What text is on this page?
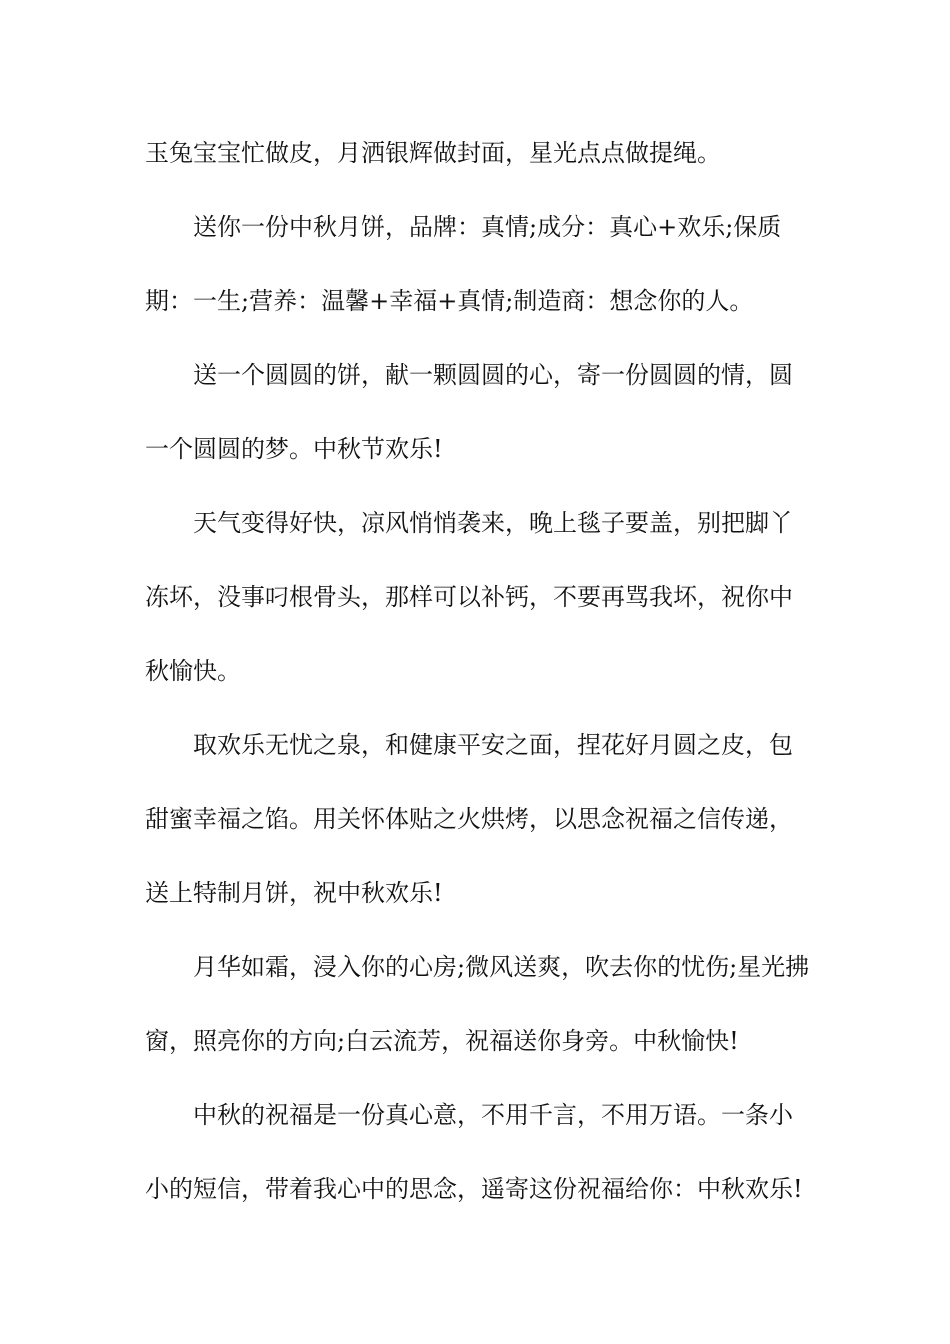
玉兔宝宝忙做皮，月洒银辉做封面，星光点点做提绳。

送你一份中秋月饼，品牌：真情;成分：真心+欢乐;保质期：一生;营养：温馨+幸福+真情;制造商：想念你的人。

送一个圆圆的饼，献一颗圆圆的心，寄一份圆圆的情，圆一个圆圆的梦。中秋节欢乐!

天气变得好快，凉风悄悄袭来，晚上毯子要盖，别把脚丫冻坏，没事叼根骨头，那样可以补钙，不要再骂我坏，祝你中秋愉快。

取欢乐无忧之泉，和健康平安之面，捏花好月圆之皮，包甜蜜幸福之馅。用关怀体贴之火烘烤，以思念祝福之信传递，送上特制月饼，祝中秋欢乐!

月华如霜，浸入你的心房;微风送爽，吹去你的忧伤;星光拂窗，照亮你的方向;白云流芳，祝福送你身旁。中秋愉快!

中秋的祝福是一份真心意，不用千言，不用万语。一条小小的短信，带着我心中的思念，遥寄这份祝福给你：中秋欢乐!
